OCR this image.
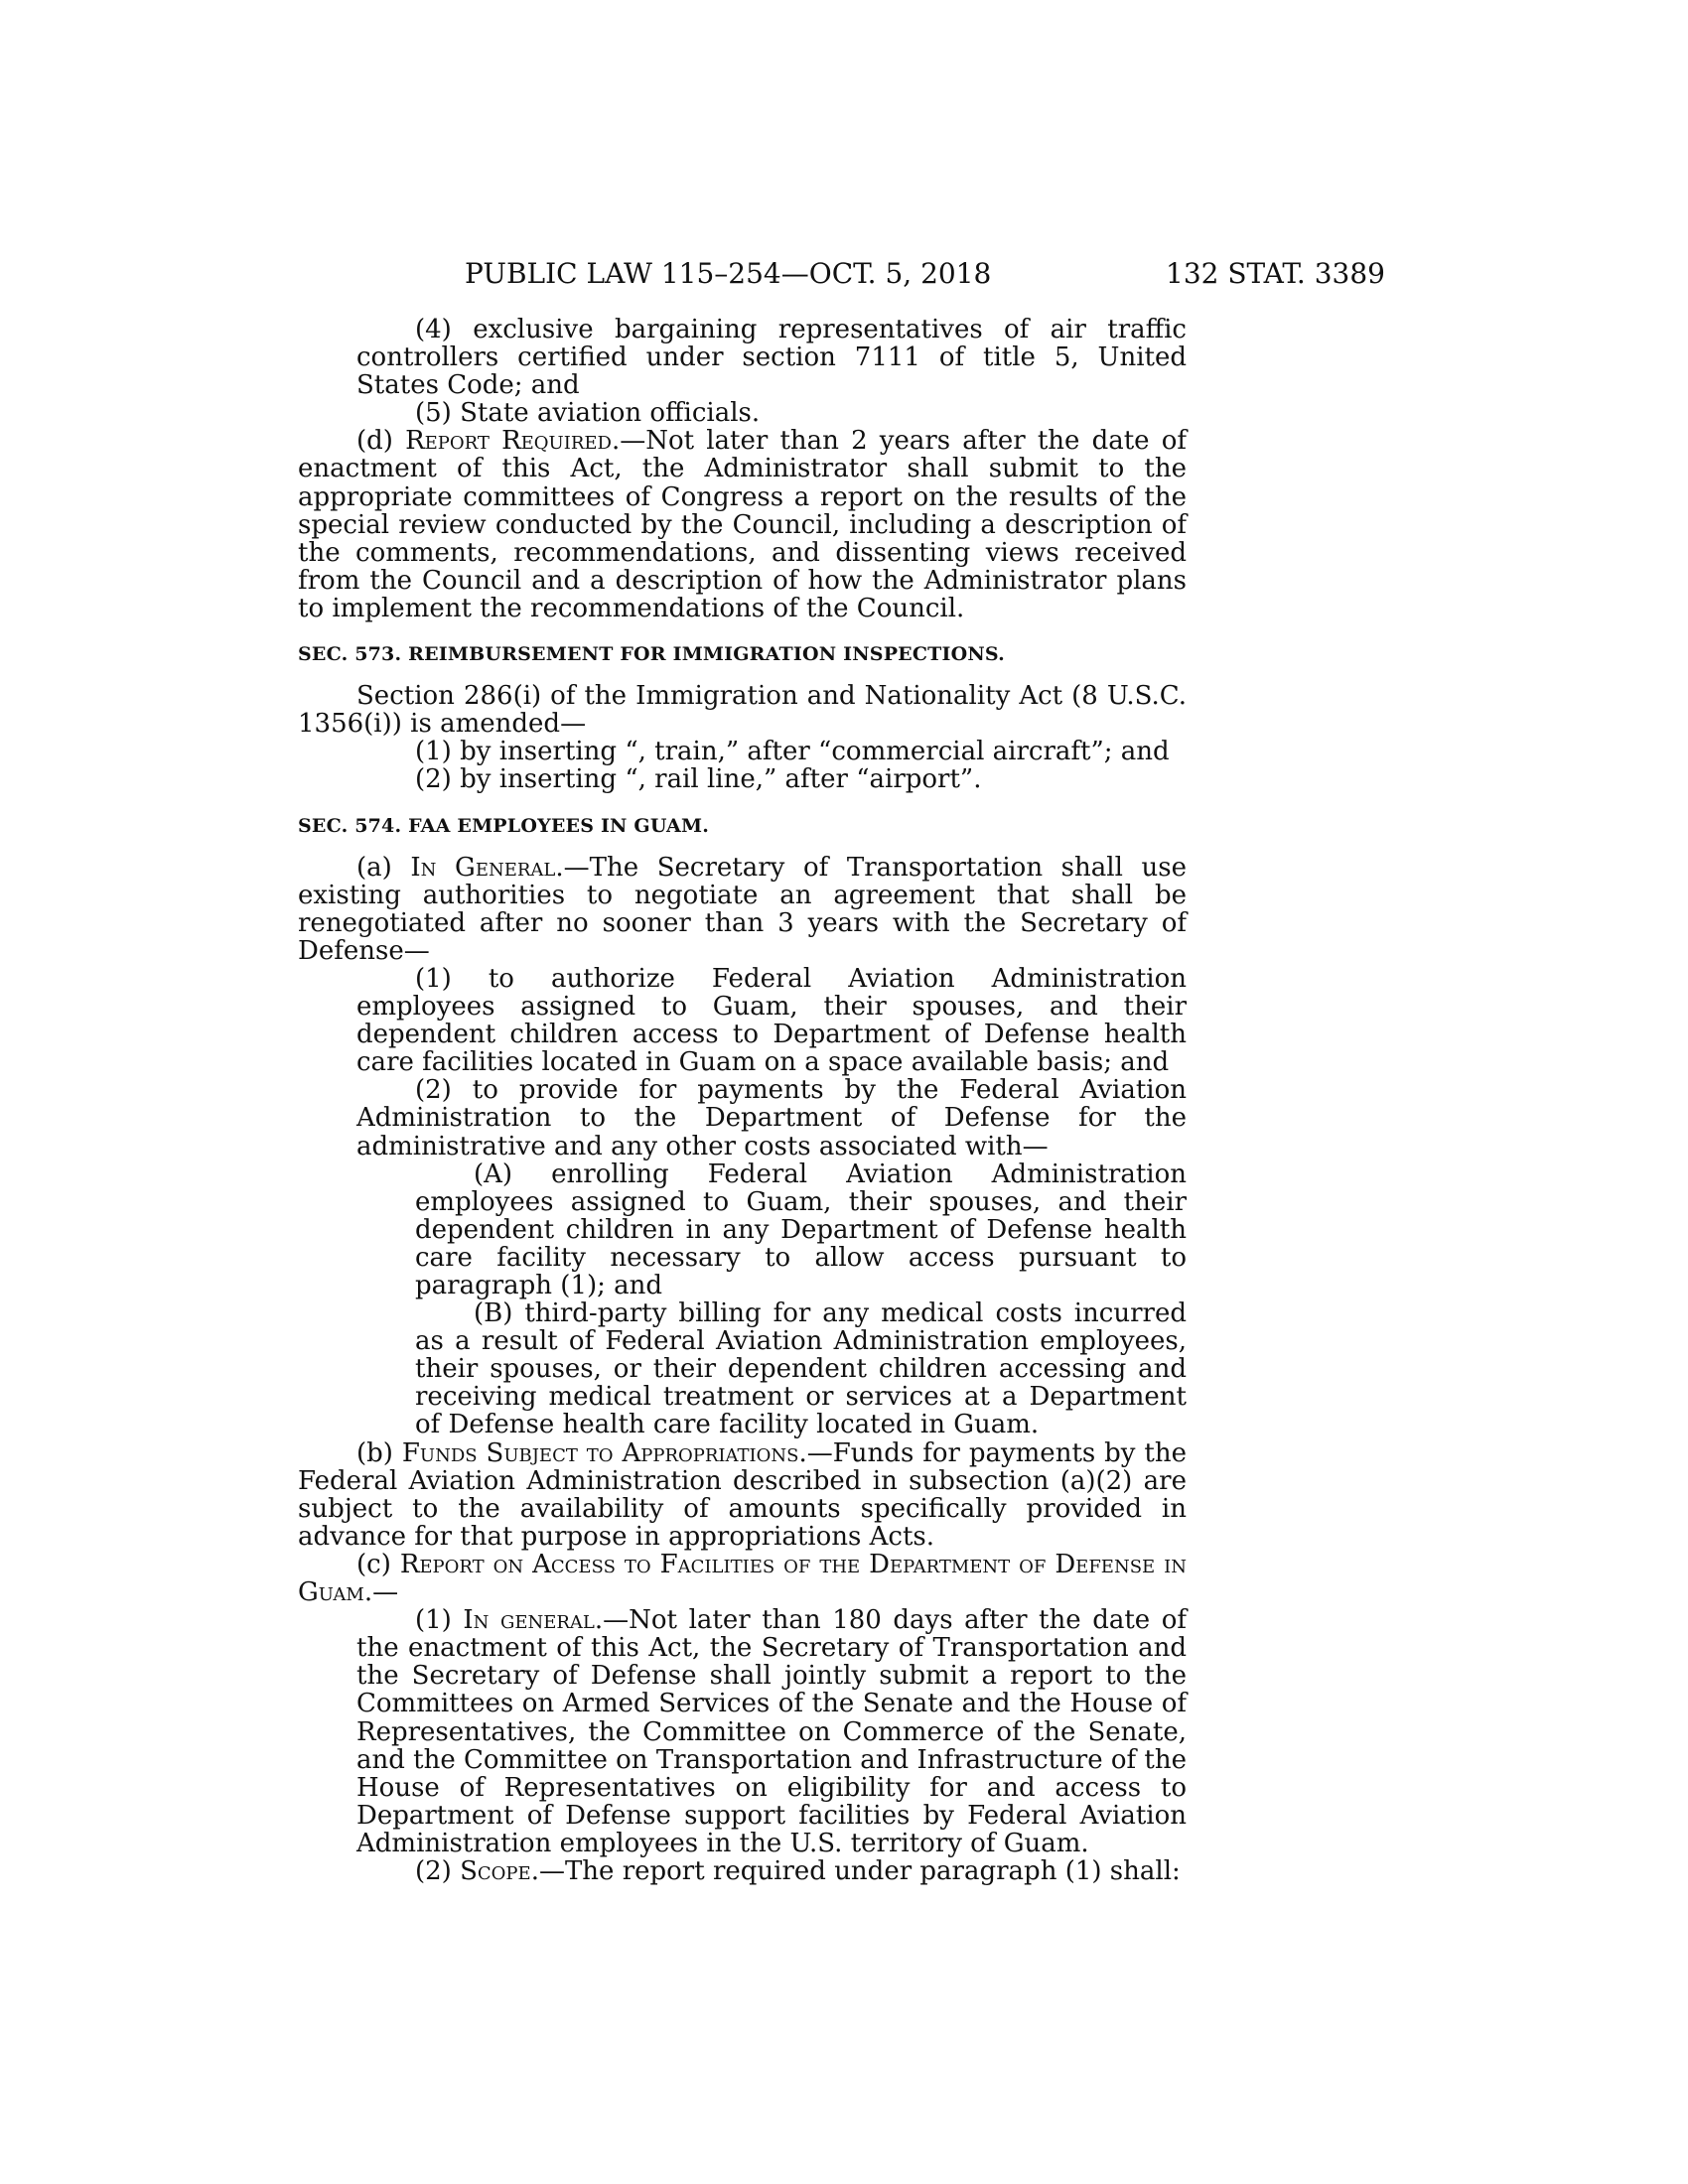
PUBLIC LAW 115–254—OCT. 5, 2018	132 STAT. 3389

(4) exclusive bargaining representatives of air traffic controllers certified under section 7111 of title 5, United States Code; and

(5) State aviation officials.

(d) Report Required.—Not later than 2 years after the date of enactment of this Act, the Administrator shall submit to the appropriate committees of Congress a report on the results of the special review conducted by the Council, including a description of the comments, recommendations, and dissenting views received from the Council and a description of how the Administrator plans to implement the recommendations of the Council.

SEC. 573. REIMBURSEMENT FOR IMMIGRATION INSPECTIONS.

Section 286(i) of the Immigration and Nationality Act (8 U.S.C. 1356(i)) is amended—

(1) by inserting “, train,” after “commercial aircraft”; and

(2) by inserting “, rail line,” after “airport”.

SEC. 574. FAA EMPLOYEES IN GUAM.

(a) In General.—The Secretary of Transportation shall use existing authorities to negotiate an agreement that shall be renegotiated after no sooner than 3 years with the Secretary of Defense—

(1) to authorize Federal Aviation Administration employees assigned to Guam, their spouses, and their dependent children access to Department of Defense health care facilities located in Guam on a space available basis; and

(2) to provide for payments by the Federal Aviation Administration to the Department of Defense for the administrative and any other costs associated with—

(A) enrolling Federal Aviation Administration employees assigned to Guam, their spouses, and their dependent children in any Department of Defense health care facility necessary to allow access pursuant to paragraph (1); and

(B) third-party billing for any medical costs incurred as a result of Federal Aviation Administration employees, their spouses, or their dependent children accessing and receiving medical treatment or services at a Department of Defense health care facility located in Guam.

(b) Funds Subject to Appropriations.—Funds for payments by the Federal Aviation Administration described in subsection (a)(2) are subject to the availability of amounts specifically provided in advance for that purpose in appropriations Acts.

(c) Report on Access to Facilities of the Department of Defense in Guam.—

(1) In general.—Not later than 180 days after the date of the enactment of this Act, the Secretary of Transportation and the Secretary of Defense shall jointly submit a report to the Committees on Armed Services of the Senate and the House of Representatives, the Committee on Commerce of the Senate, and the Committee on Transportation and Infrastructure of the House of Representatives on eligibility for and access to Department of Defense support facilities by Federal Aviation Administration employees in the U.S. territory of Guam.

(2) Scope.—The report required under paragraph (1) shall:
